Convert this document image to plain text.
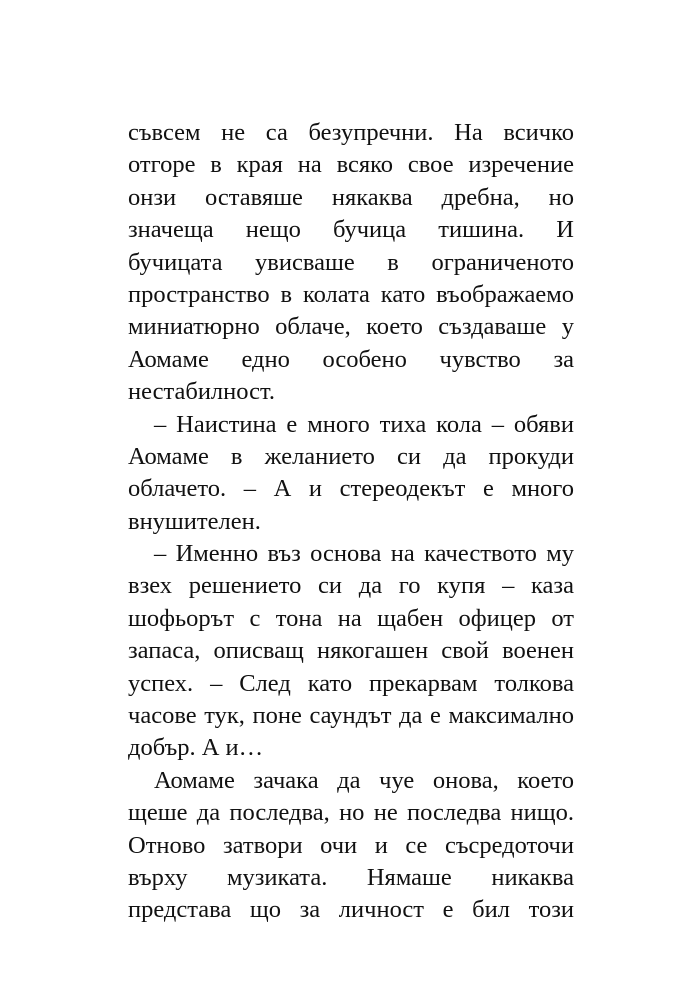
съвсем не са безупречни. На всичко
отгоре в края на всяко свое изречение
онзи оставяше някаква дребна, но
значеща нещо бучица тишина. И
бучицата увисваше в ограниченото
пространство в колата като въображаемо
миниатюрно облаче, което създаваше у
Аомаме едно особено чувство за
нестабилност.
– Наистина е много тиха кола – обяви
Аомаме в желанието си да прокуди
облачето. – А и стереодекът е много
внушителен.
– Именно въз основа на качеството му
взех решението си да го купя – каза
шофьорът с тона на щабен офицер от
запаса, описващ някогашен свой военен
успех. – След като прекарвам толкова
часове тук, поне саундът да е максимално
добър. А и…
Аомаме зачака да чуе онова, което
щеше да последва, но не последва нищо.
Отново затвори очи и се съсредоточи
върху музиката. Нямаше никаква
представа що за личност е бил този
